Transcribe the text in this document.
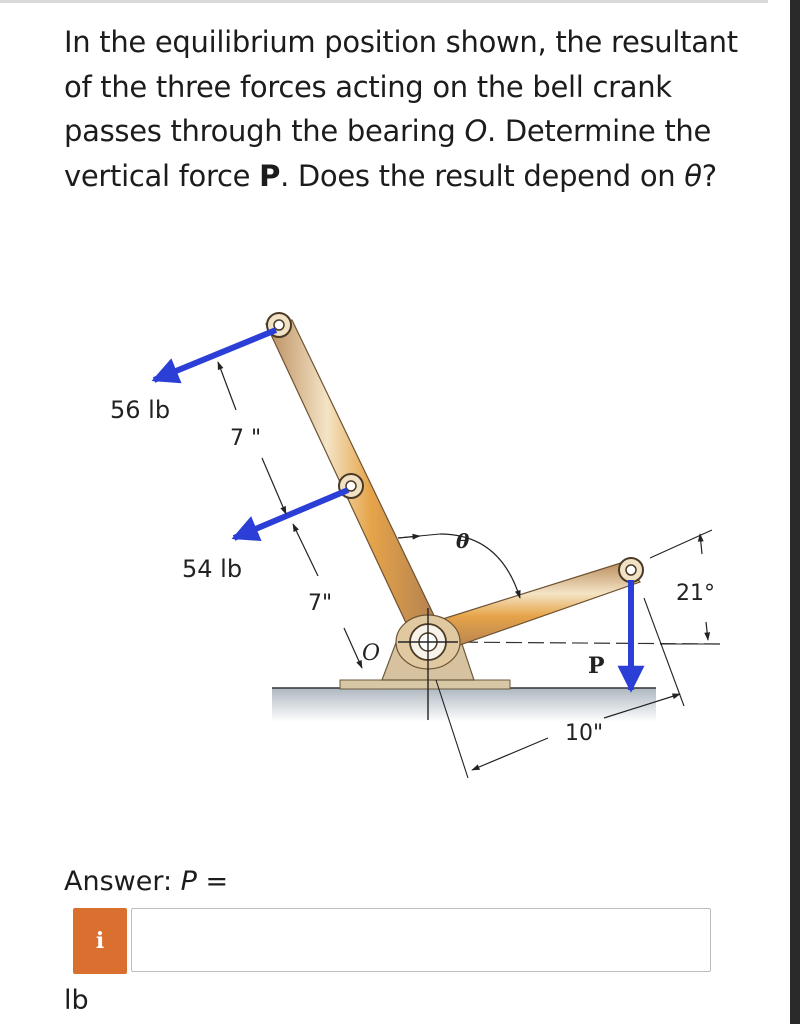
In the equilibrium position shown, the resultant of the three forces acting on the bell crank passes through the bearing O. Determine the vertical force P. Does the result depend on θ?
O
56 lb
54 lb
7 "
7"
10"
21°
θ
P
Answer: P =
i
lb
